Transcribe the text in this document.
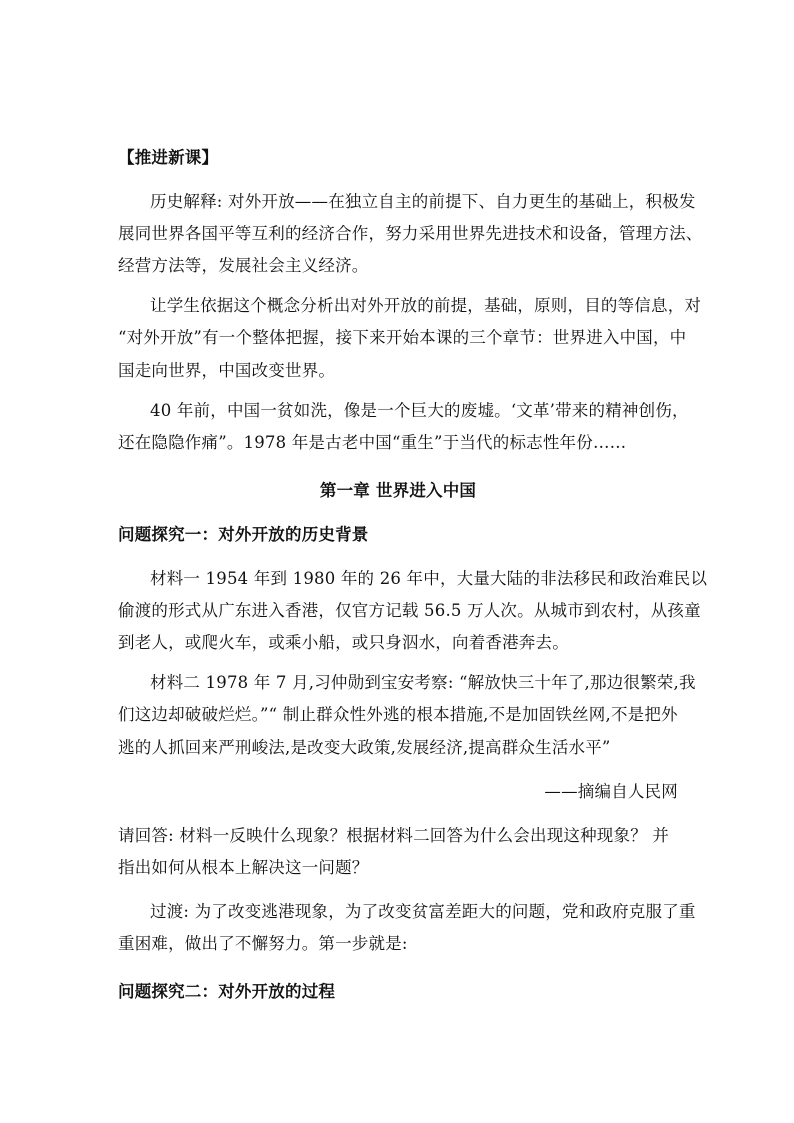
【推进新课】
历史解释: 对外开放——在独立自主的前提下、自力更生的基础上，积极发
展同世界各国平等互利的经济合作，努力采用世界先进技术和设备，管理方法、
经营方法等，发展社会主义经济。
让学生依据这个概念分析出对外开放的前提，基础，原则，目的等信息，对
“对外开放”有一个整体把握，接下来开始本课的三个章节：世界进入中国，中
国走向世界，中国改变世界。
40 年前，中国一贫如洗，像是一个巨大的废墟。‘文革’带来的精神创伤，
还在隐隐作痛”。1978 年是古老中国“重生”于当代的标志性年份……
第一章 世界进入中国
问题探究一：对外开放的历史背景
材料一 1954 年到 1980 年的 26 年中，大量大陆的非法移民和政治难民以
偷渡的形式从广东进入香港，仅官方记载 56.5 万人次。从城市到农村，从孩童
到老人，或爬火车，或乘小船，或只身泅水，向着香港奔去。
材料二 1978 年 7 月,习仲勋到宝安考察: “解放快三十年了,那边很繁荣,我
们这边却破破烂烂。”“ 制止群众性外逃的根本措施,不是加固铁丝网,不是把外
逃的人抓回来严刑峻法,是改变大政策,发展经济,提高群众生活水平”
——摘编自人民网
请回答: 材料一反映什么现象？根据材料二回答为什么会出现这种现象？ 并
指出如何从根本上解决这一问题？
过渡: 为了改变逃港现象，为了改变贫富差距大的问题，党和政府克服了重
重困难，做出了不懈努力。第一步就是:
问题探究二：对外开放的过程
